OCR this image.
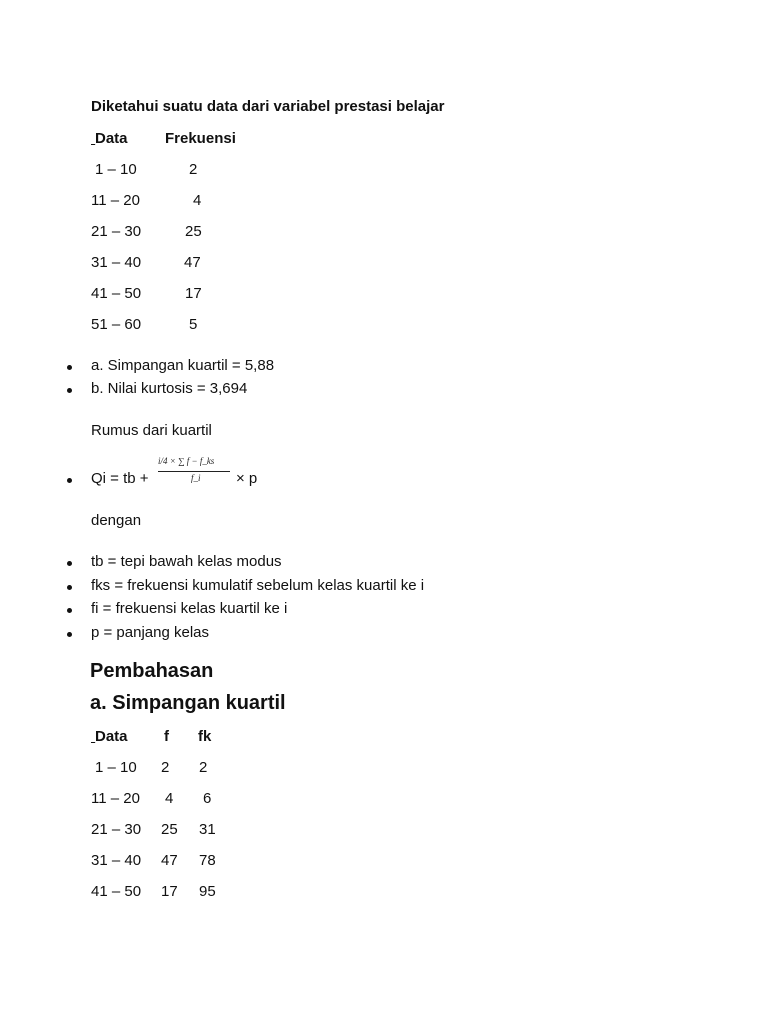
Diketahui suatu data dari variabel prestasi belajar
Data Frekuensi

1 – 10	2
11 – 20	4
21 – 30	25
31 – 40	47
41 – 50	17
51 – 60	5
a. Simpangan kuartil = 5,88
b. Nilai kurtosis = 3,694
Rumus dari kuartil
Qi = tb +
i/4 × ∑ f − f_ks
f_i × p
dengan
tb = tepi bawah kelas modus
fks = frekuensi kumulatif sebelum kelas kuartil ke i
fi = frekuensi kelas kuartil ke i
p = panjang kelas
Pembahasan
a. Simpangan kuartil
Data f fk

1 – 10 2 2
11 – 20 4 6
21 – 30 25 31
31 – 40 47 78
41 – 50 17 95
